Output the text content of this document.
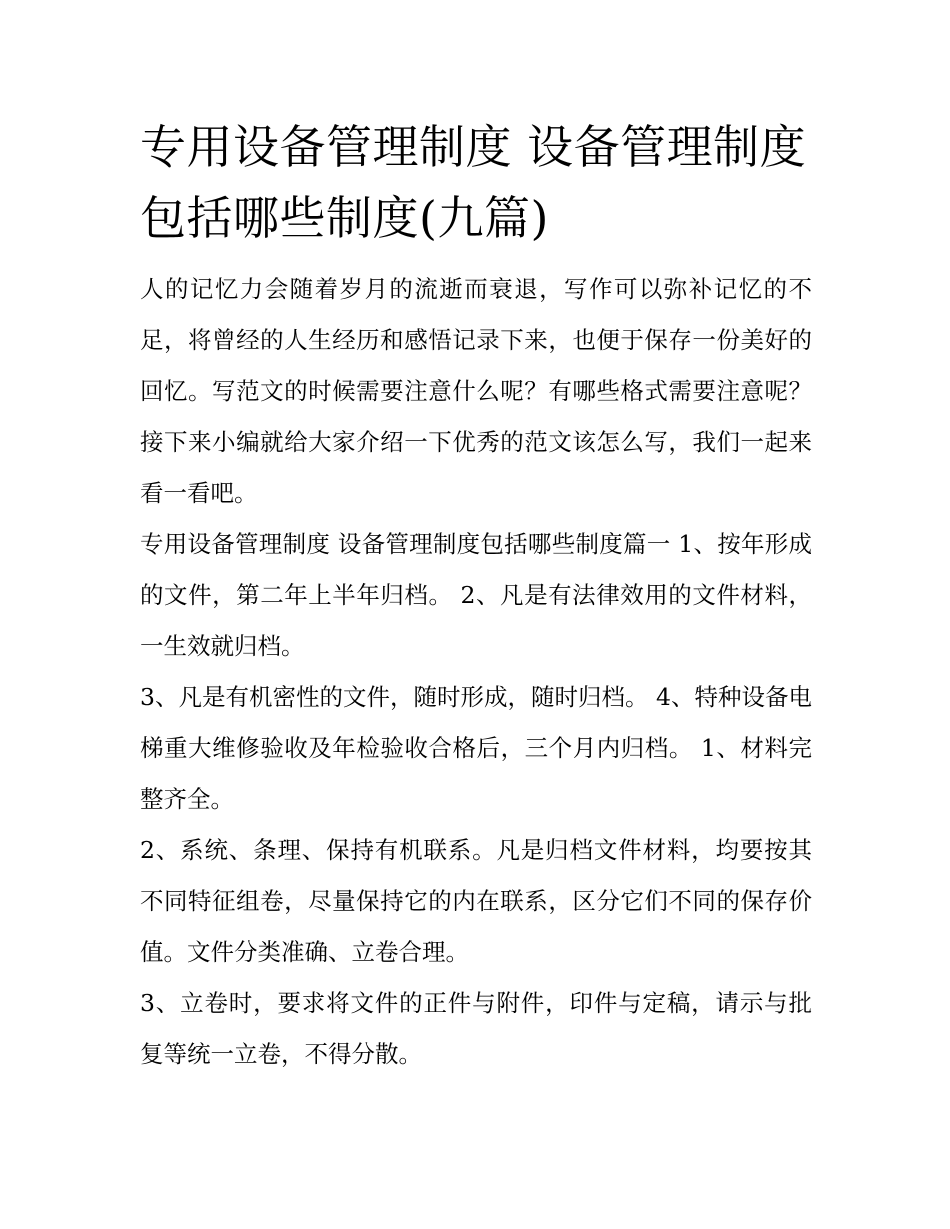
专用设备管理制度 设备管理制度包括哪些制度(九篇)

人的记忆力会随着岁月的流逝而衰退，写作可以弥补记忆的不足，将曾经的人生经历和感悟记录下来，也便于保存一份美好的回忆。写范文的时候需要注意什么呢？有哪些格式需要注意呢？接下来小编就给大家介绍一下优秀的范文该怎么写，我们一起来看一看吧。

专用设备管理制度 设备管理制度包括哪些制度篇一 1、按年形成的文件，第二年上半年归档。 2、凡是有法律效用的文件材料，一生效就归档。

3、凡是有机密性的文件，随时形成，随时归档。 4、特种设备电梯重大维修验收及年检验收合格后，三个月内归档。 1、材料完整齐全。

2、系统、条理、保持有机联系。凡是归档文件材料，均要按其不同特征组卷，尽量保持它的内在联系，区分它们不同的保存价值。文件分类准确、立卷合理。

3、立卷时，要求将文件的正件与附件，印件与定稿，请示与批复等统一立卷，不得分散。
